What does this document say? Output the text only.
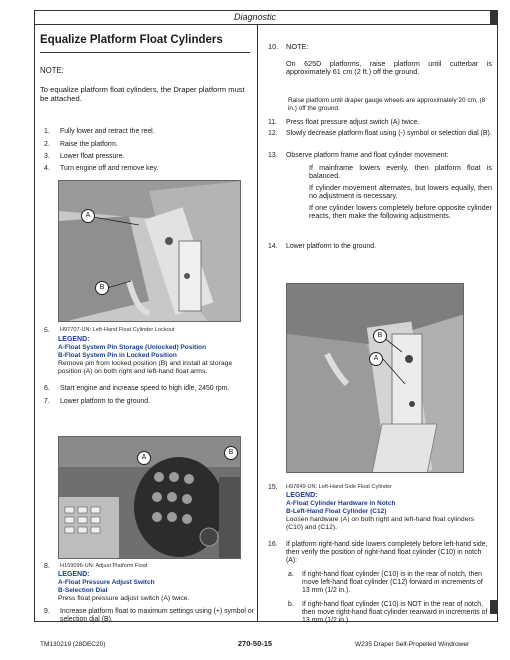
Diagnostic
Equalize Platform Float Cylinders
NOTE:
To equalize platform float cylinders, the Draper platform must be attached.
1.	Fully lower and retract the reel.
2.	Raise the platform.
3.	Lower float pressure.
4.	Turn engine off and remove key.
A
B
5.	H97707-UN: Left-Hand Float Cylinder Lockout
LEGEND:
A-Float System Pin Storage (Unlocked) Position
B-Float System Pin in Locked Position
Remove pin from locked position (B) and install at storage position (A) on both right and left-hand float arms.
6.	Start engine and increase speed to high idle, 2450 rpm.
7.	Lower platform to the ground.
A
B
8.	H159096-UN: Adjust Platform Float
LEGEND:
A-Float Pressure Adjust Switch
B-Selection Dial
Press float pressure adjust switch (A) twice.
9.	Increase platform float to maximum settings using (+) symbol or selection dial (B).
10.	NOTE:
On 625D platforms, raise platform until cutterbar is approximately 61 cm (2 ft.) off the ground.
Raise platform until draper gauge wheels are approximately 20 cm, (8 in.) off the ground.
11.	Press float pressure adjust switch (A) twice.
12.	Slowly decrease platform float using (-) symbol or selection dial (B).
13.	Observe platform frame and float cylinder movement:
If mainframe lowers evenly, then platform float is balanced.
If cylinder movement alternates, but lowers equally, then no adjustment is necessary.
If one cylinder lowers completely before opposite cylinder reacts, then make the following adjustments.
14.	Lower platform to the ground.
B
A
15.	H97849-UN: Left-Hand Side Float Cylinder
LEGEND:
A-Float Cylinder Hardware in Notch
B-Left-Hand Float Cylinder (C12)
Loosen hardware (A) on both right and left-hand float cylinders (C10) and (C12).
16.	If platform right-hand side lowers completely before left-hand side, then verify the position of right-hand float cylinder (C10) in notch (A):
a.	If right-hand float cylinder (C10) is in the rear of notch, then move left-hand float cylinder (C12) forward in increments of 13 mm (1/2 in.).
b.	If right-hand float cylinder (C10) is NOT in the rear of notch, then move right-hand float cylinder rearward in increments of 13 mm (1/2 in.).
TM130219 (28DEC20)	270-50-15	W235 Draper Self-Propelled Windrower
